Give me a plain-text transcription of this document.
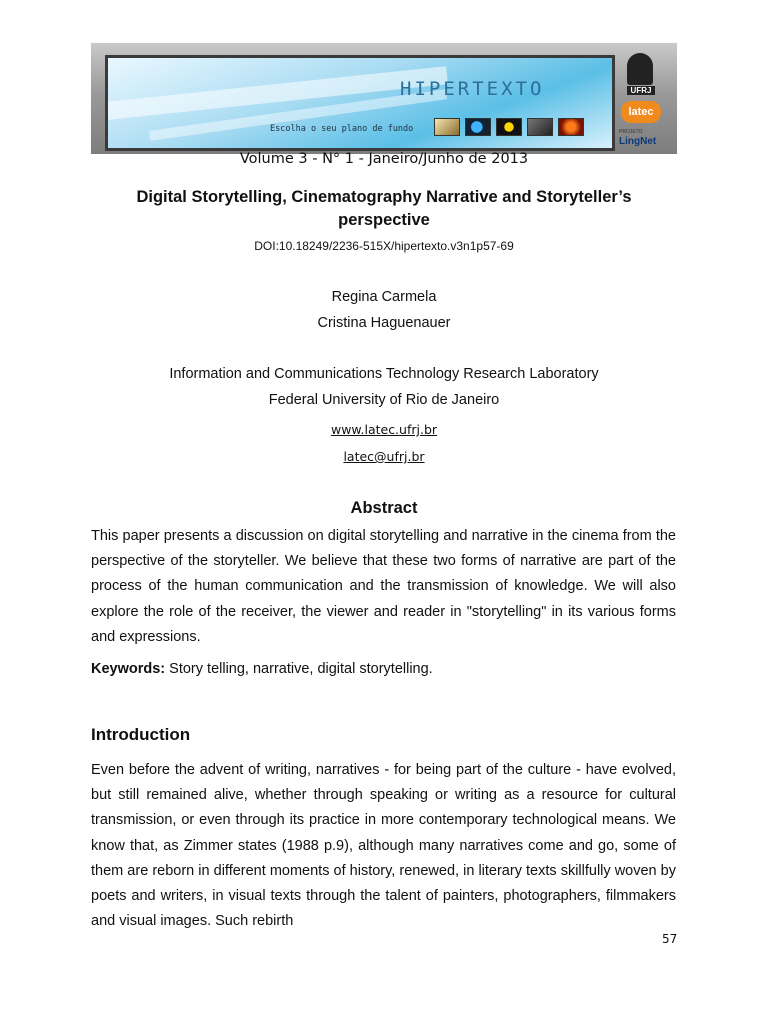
HIPERTEXTO
Escolha o seu plano de fundo
UFRJ
latec
PROJETO
LingNet
Volume 3 - N° 1 - Janeiro/Junho de 2013
Digital Storytelling, Cinematography Narrative and Storyteller’s perspective
DOI:10.18249/2236-515X/hipertexto.v3n1p57-69
Regina Carmela
Cristina Haguenauer
Information and Communications Technology Research Laboratory
Federal University of Rio de Janeiro
www.latec.ufrj.br
latec@ufrj.br
Abstract
This paper presents a discussion on digital storytelling and narrative in the cinema from the perspective of the storyteller. We believe that these two forms of narrative are part of the process of the human communication and the transmission of knowledge. We will also explore the role of the receiver, the viewer and reader in "storytelling" in its various forms and expressions.
Keywords: Story telling, narrative, digital storytelling.
Introduction
Even before the advent of writing, narratives - for being part of the culture - have evolved, but still remained alive, whether through speaking or writing as a resource for cultural transmission, or even through its practice in more contemporary technological means. We know that, as Zimmer states (1988 p.9), although many narratives come and go, some of them are reborn in different moments of history, renewed, in literary texts skillfully woven by poets and writers, in visual texts through the talent of painters, photographers, filmmakers and visual images. Such rebirth
57
